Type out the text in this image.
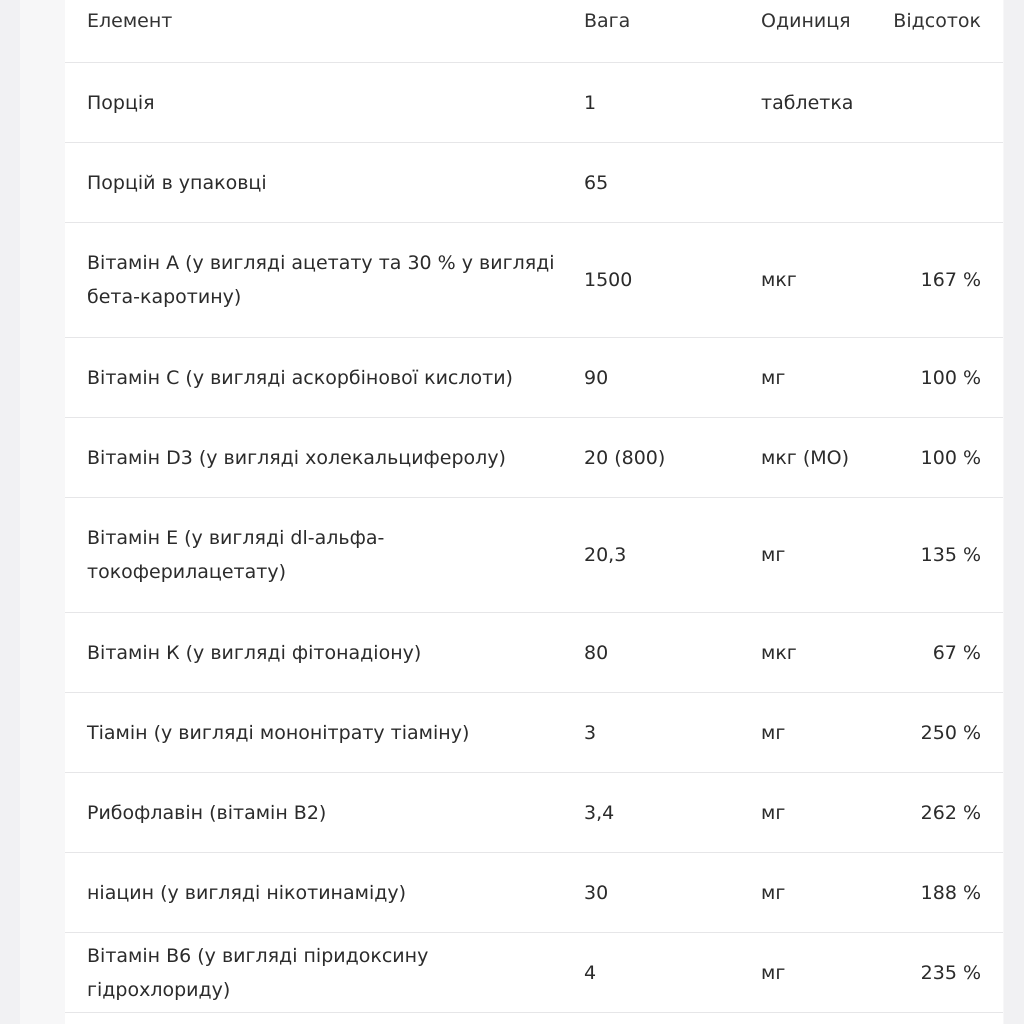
Елемент	Вага	Одиниця	Відсоток
Порція	1	таблетка	
Порцій в упаковці	65		
Вітамін А (у вигляді ацетату та 30 % у вигляді бета-каротину)	1500	мкг	167 %
Вітамін С (у вигляді аскорбінової кислоти)	90	мг	100 %
Вітамін D3 (у вигляді холекальциферолу)	20 (800)	мкг (МО)	100 %
Вітамін Е (у вигляді dl-альфа-токоферилацетату)	20,3	мг	135 %
Вітамін К (у вигляді фітонадіону)	80	мкг	67 %
Тіамін (у вигляді мононітрату тіаміну)	3	мг	250 %
Рибофлавін (вітамін B2)	3,4	мг	262 %
ніацин (у вигляді нікотинаміду)	30	мг	188 %
Вітамін B6 (у вигляді піридоксину гідрохлориду)	4	мг	235 %
